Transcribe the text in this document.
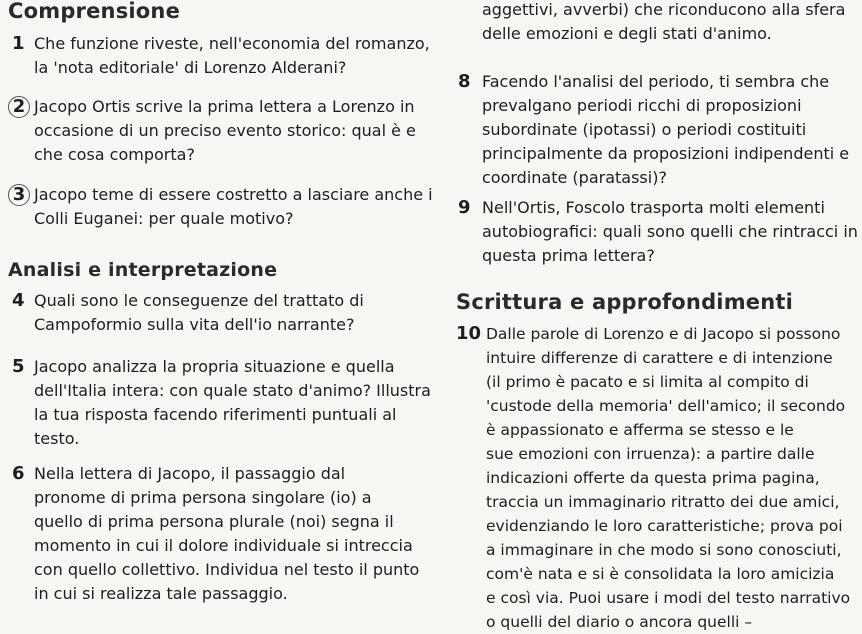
Comprensione
1 Che funzione riveste, nell'economia del romanzo,
la 'nota editoriale' di Lorenzo Alderani?
2 Jacopo Ortis scrive la prima lettera a Lorenzo in
occasione di un preciso evento storico: qual è e
che cosa comporta?
3 Jacopo teme di essere costretto a lasciare anche i
Colli Euganei: per quale motivo?
Analisi e interpretazione
4 Quali sono le conseguenze del trattato di
Campoformio sulla vita dell'io narrante?
5 Jacopo analizza la propria situazione e quella
dell'Italia intera: con quale stato d'animo? Illustra
la tua risposta facendo riferimenti puntuali al
testo.
6 Nella lettera di Jacopo, il passaggio dal
pronome di prima persona singolare (io) a
quello di prima persona plurale (noi) segna il
momento in cui il dolore individuale si intreccia
con quello collettivo. Individua nel testo il punto
in cui si realizza tale passaggio.
aggettivi, avverbi) che riconducono alla sfera
delle emozioni e degli stati d'animo.
8 Facendo l'analisi del periodo, ti sembra che
prevalgano periodi ricchi di proposizioni
subordinate (ipotassi) o periodi costituiti
principalmente da proposizioni indipendenti e
coordinate (paratassi)?
9 Nell'Ortis, Foscolo trasporta molti elementi
autobiografici: quali sono quelli che rintracci in
questa prima lettera?
Scrittura e approfondimenti
10 Dalle parole di Lorenzo e di Jacopo si possono
intuire differenze di carattere e di intenzione
(il primo è pacato e si limita al compito di
'custode della memoria' dell'amico; il secondo
è appassionato e afferma se stesso e le
sue emozioni con irruenza): a partire dalle
indicazioni offerte da questa prima pagina,
traccia un immaginario ritratto dei due amici,
evidenziando le loro caratteristiche; prova poi
a immaginare in che modo si sono conosciuti,
com'è nata e si è consolidata la loro amicizia
e così via. Puoi usare i modi del testo narrativo
o quelli del diario o ancora quelli –
